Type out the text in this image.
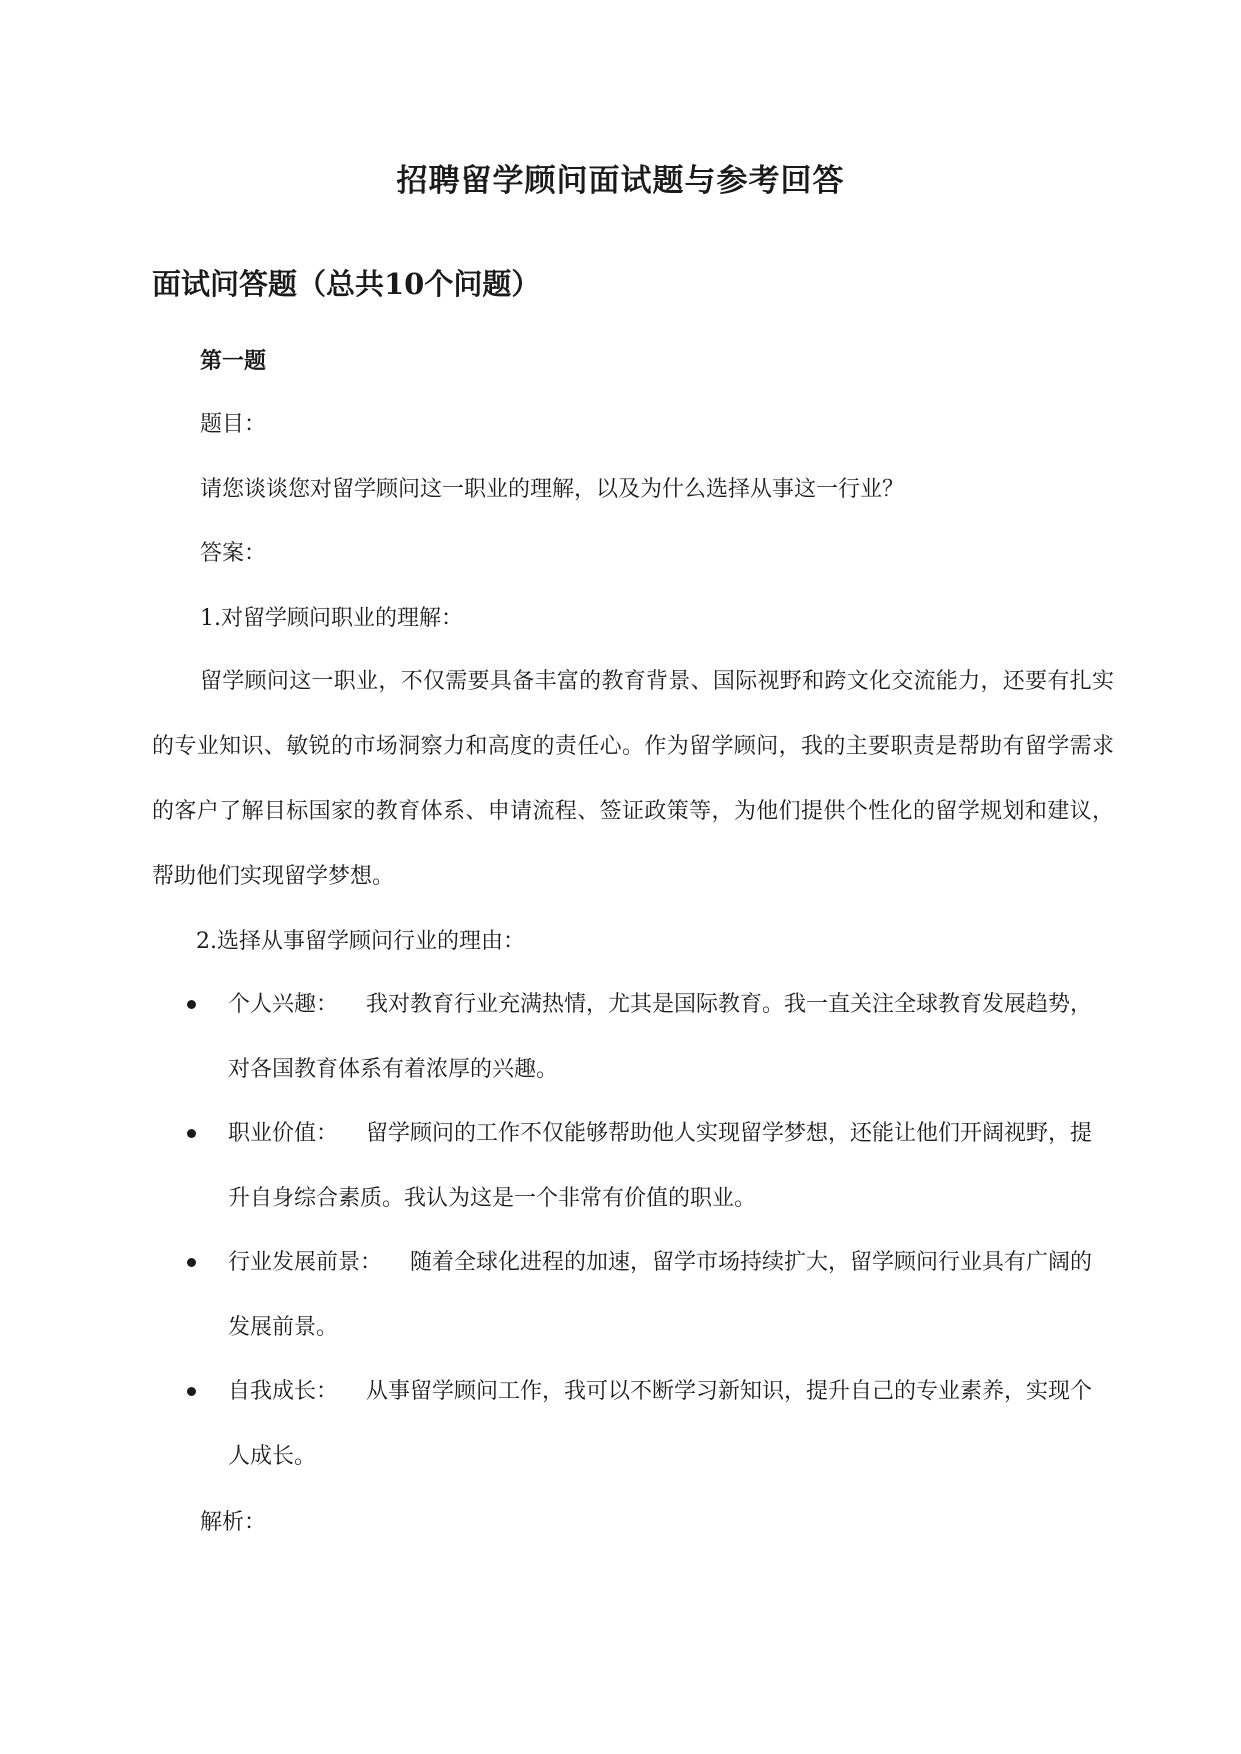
招聘留学顾问面试题与参考回答
面试问答题（总共10个问题）

第一题

题目：

请您谈谈您对留学顾问这一职业的理解，以及为什么选择从事这一行业？

答案：

1.对留学顾问职业的理解：

留学顾问这一职业，不仅需要具备丰富的教育背景、国际视野和跨文化交流能力，还要有扎实的专业知识、敏锐的市场洞察力和高度的责任心。作为留学顾问，我的主要职责是帮助有留学需求的客户了解目标国家的教育体系、申请流程、签证政策等，为他们提供个性化的留学规划和建议，帮助他们实现留学梦想。

2.选择从事留学顾问行业的理由：

个人兴趣： 我对教育行业充满热情，尤其是国际教育。我一直关注全球教育发展趋势，对各国教育体系有着浓厚的兴趣。
职业价值： 留学顾问的工作不仅能够帮助他人实现留学梦想，还能让他们开阔视野，提升自身综合素质。我认为这是一个非常有价值的职业。
行业发展前景： 随着全球化进程的加速，留学市场持续扩大，留学顾问行业具有广阔的发展前景。
自我成长： 从事留学顾问工作，我可以不断学习新知识，提升自己的专业素养，实现个人成长。

解析：
